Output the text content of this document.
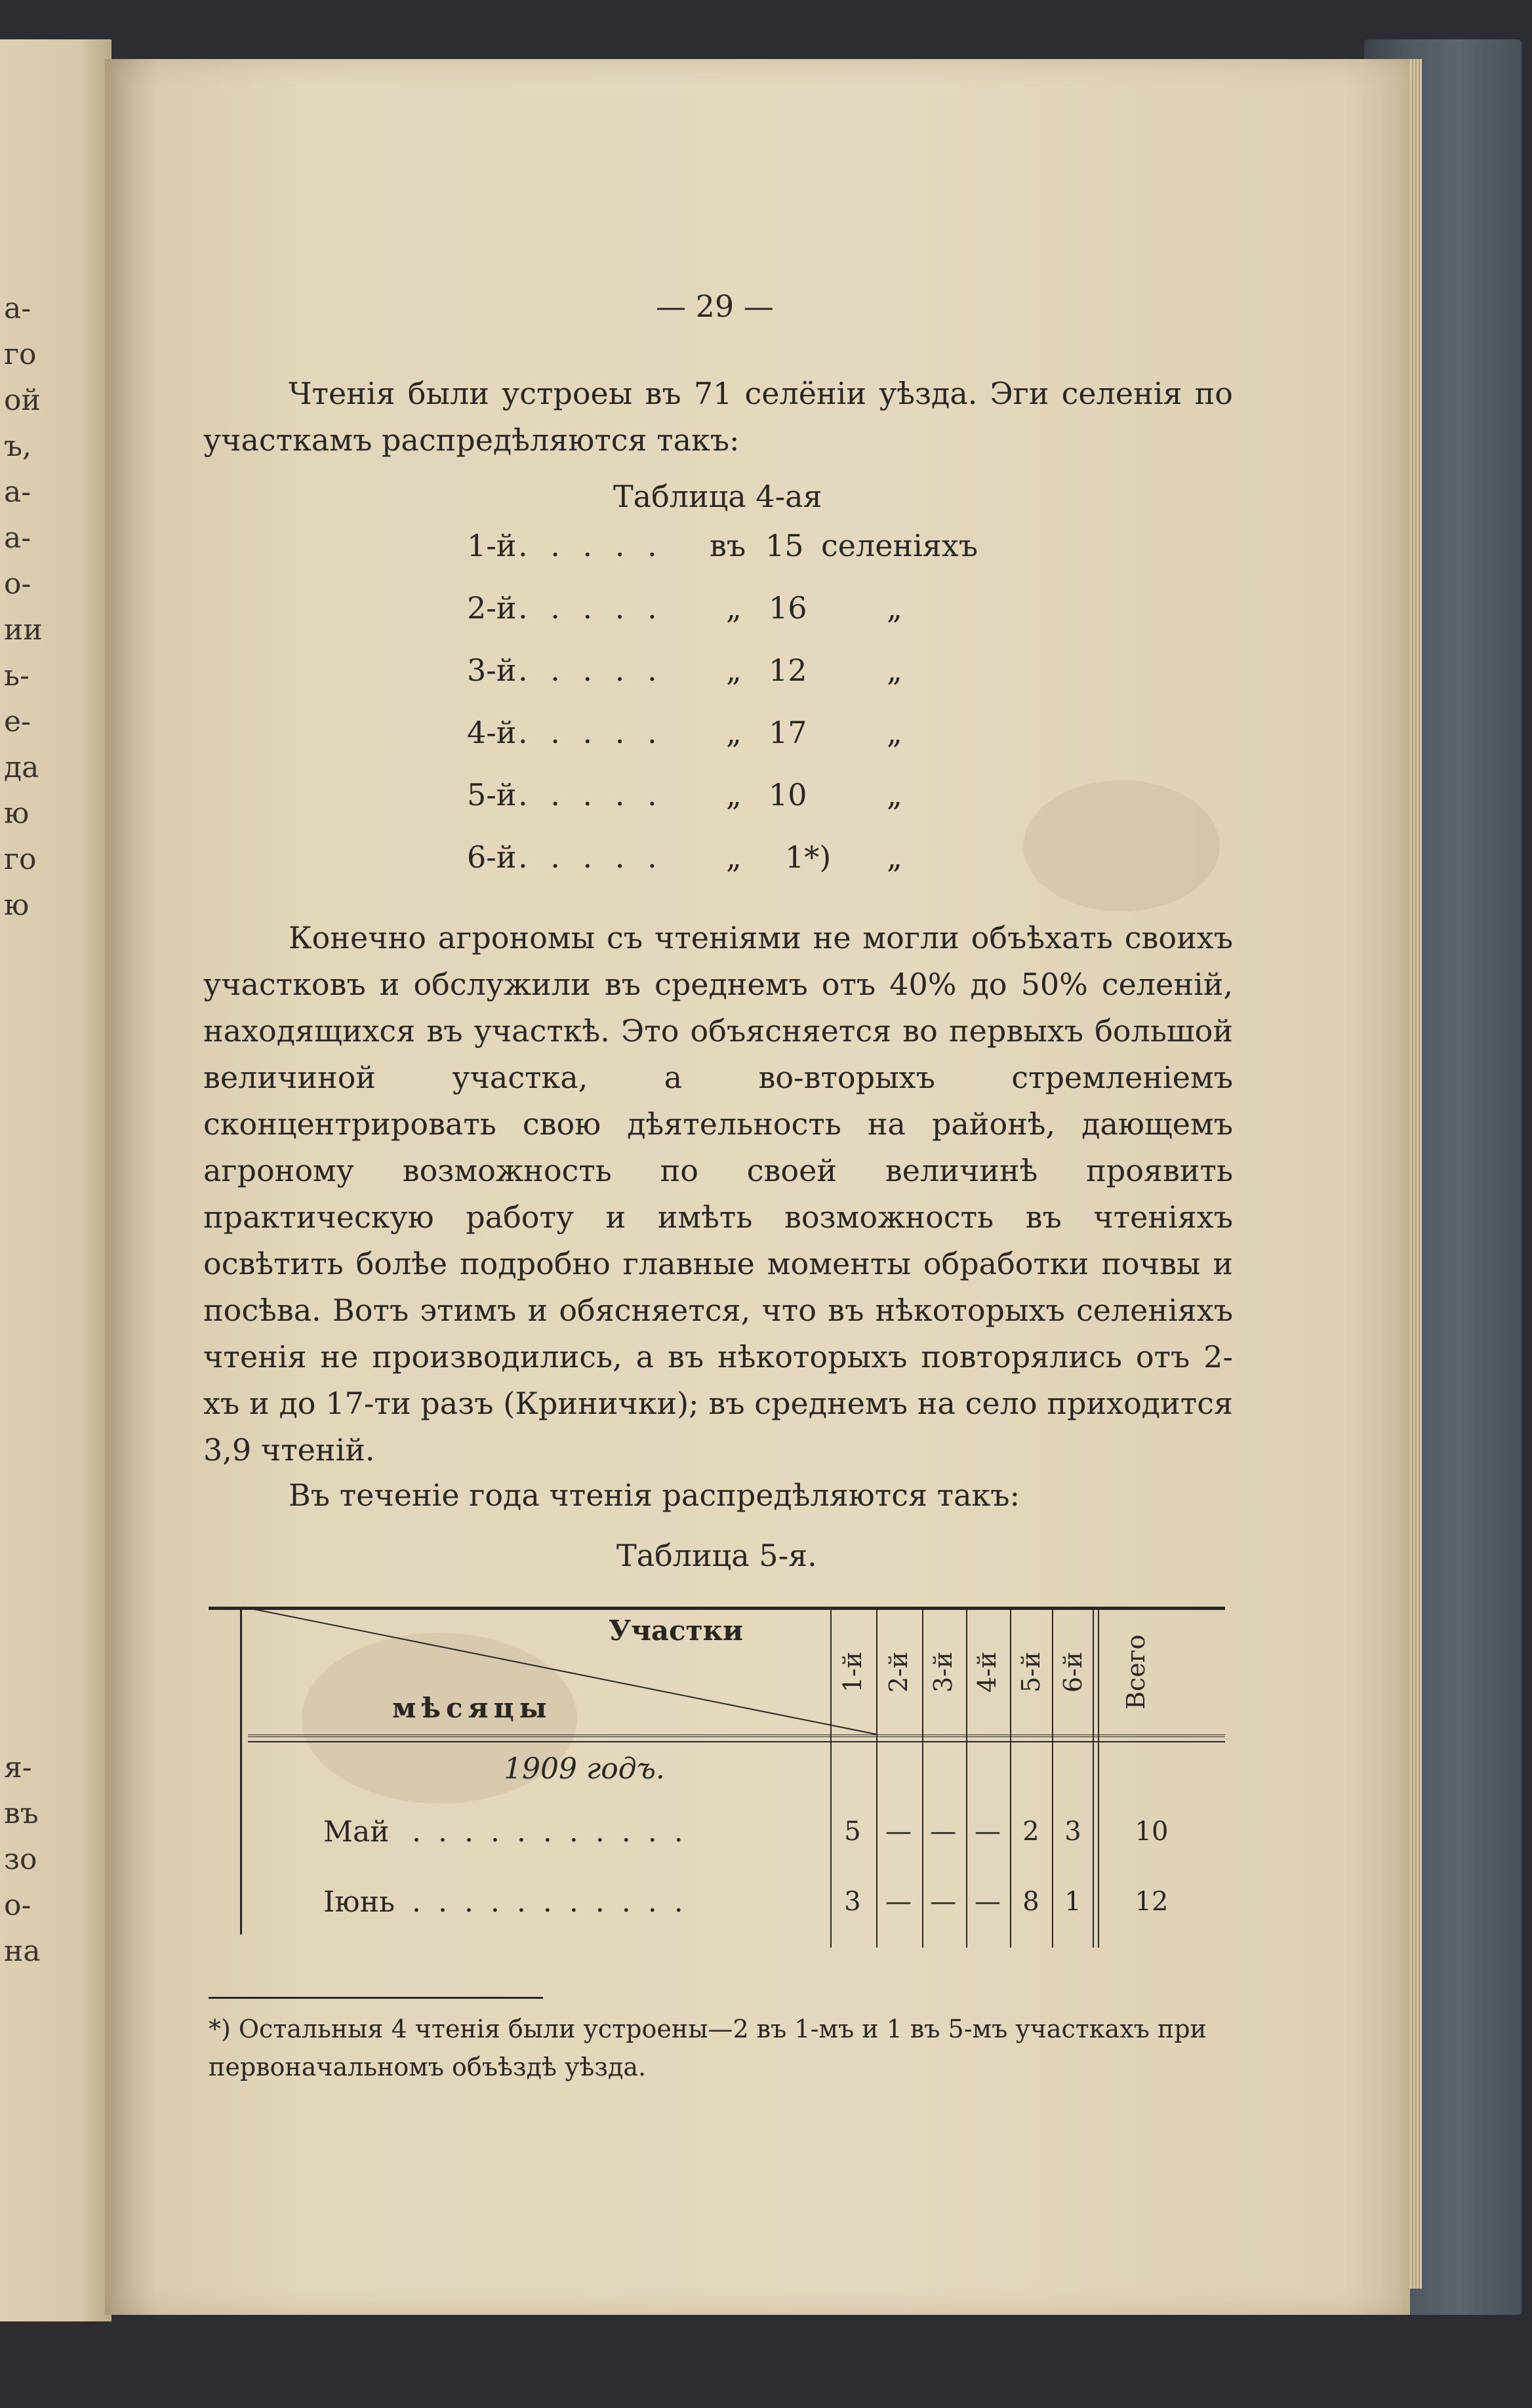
а-
го
ой
ъ,
а-
а-
о-
ии
ь-
е-
да
ю
го
ю
я-
въ
зо
о-
на
— 29 —

Чтенія были устроеы въ 71 селёніи уѣзда. Эги селенія по участкамъ распредѣляются такъ:

Таблица 4-ая
1-й . . . . . въ 15 селеніяхъ
2-й . . . . . „ 16	„
3-й . . . . . „ 12	„
4-й . . . . . „ 17	„
5-й . . . . . „ 10	„
6-й . . . . . „ 1*) „

Конечно агрономы съ чтеніями не могли объѣхать своихъ участковъ и обслужили въ среднемъ отъ 40% до 50% селеній, находящихся въ участкѣ. Это объясняется во первыхъ большой величиной участка, а во-вторыхъ стремленіемъ сконцентрировать свою дѣятельность на районѣ, дающемъ агроному возможность по своей величинѣ проявить практическую работу и имѣть возможность въ чтеніяхъ освѣтить болѣе подробно главные моменты обработки почвы и посѣва. Вотъ этимъ и обясняется, что въ нѣкоторыхъ селеніяхъ чтенія не производились, а въ нѣкоторыхъ повторялись отъ 2-хъ и до 17-ти разъ (Кринички); въ среднемъ на село приходится 3,9 чтеній.

Въ теченіе года чтенія распредѣляются такъ:

Таблица 5-я.
Участки
мѣсяцы
1-й 2-й 3-й 4-й 5-й 6-й Всего
1909 годъ.
Май . . . . . . . . . . .	5 — — — 2 3	10
Іюнь . . . . . . . . . . .	3 — — — 8 1	12
*) Остальныя 4 чтенія были устроены—2 въ 1-мъ и 1 въ 5-мъ участкахъ при первоначальномъ объѣздѣ уѣзда.
